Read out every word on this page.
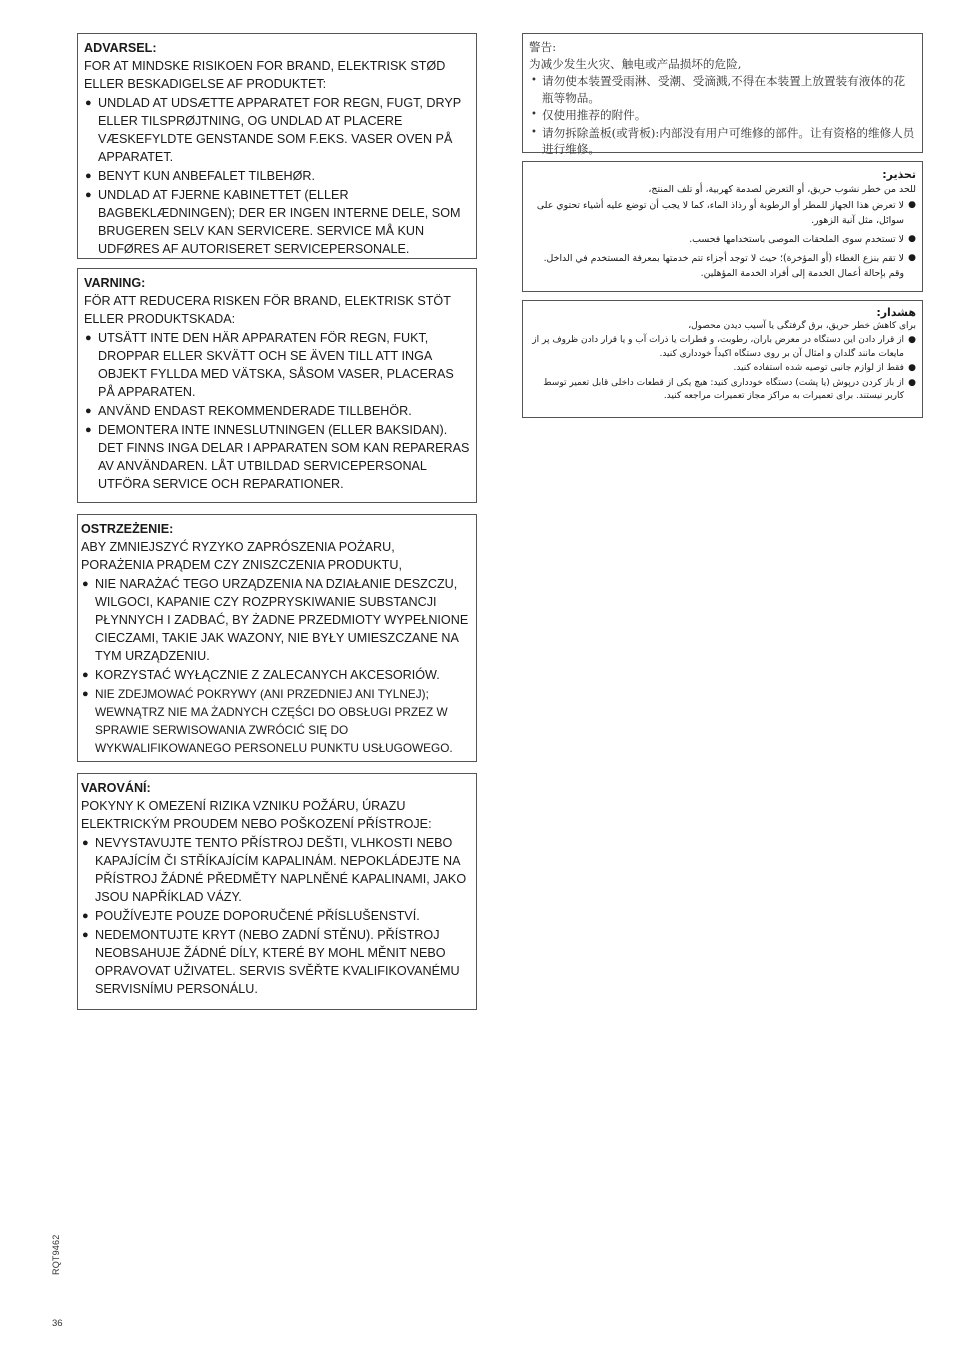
ADVARSEL:
FOR AT MINDSKE RISIKOEN FOR BRAND, ELEKTRISK STØD ELLER BESKADIGELSE AF PRODUKTET:
● UNDLAD AT UDSÆTTE APPARATET FOR REGN, FUGT, DRYP ELLER TILSPRØJTNING, OG UNDLAD AT PLACERE VÆSKEFYLDTE GENSTANDE SOM F.EKS. VASER OVEN PÅ APPARATET.
● BENYT KUN ANBEFALET TILBEHØR.
● UNDLAD AT FJERNE KABINETTET (ELLER BAGBEKLÆDNINGEN); DER ER INGEN INTERNE DELE, SOM BRUGEREN SELV KAN SERVICERE. SERVICE MÅ KUN UDFØRES AF AUTORISERET SERVICEPERSONALE.
VARNING:
FÖR ATT REDUCERA RISKEN FÖR BRAND, ELEKTRISK STÖT ELLER PRODUKTSKADA:
● UTSÄTT INTE DEN HÄR APPARATEN FÖR REGN, FUKT, DROPPAR ELLER SKVÄTT OCH SE ÄVEN TILL ATT INGA OBJEKT FYLLDA MED VÄTSKA, SÅSOM VASER, PLACERAS PÅ APPARATEN.
● ANVÄND ENDAST REKOMMENDERADE TILLBEHÖR.
● DEMONTERA INTE INNESLUTNINGEN (ELLER BAKSIDAN). DET FINNS INGA DELAR I APPARATEN SOM KAN REPARERAS AV ANVÄNDAREN. LÅT UTBILDAD SERVICEPERSONAL UTFÖRA SERVICE OCH REPARATIONER.
OSTRZEŻENIE:
ABY ZMNIEJSZYĆ RYZYKO ZAPRÓSZENIA POŻARU, PORAŻENIA PRĄDEM CZY ZNISZCZENIA PRODUKTU,
● NIE NARAŻAĆ TEGO URZĄDZENIA NA DZIAŁANIE DESZCZU, WILGOCI, KAPANIE CZY ROZPRYSKIWANIE SUBSTANCJI PŁYNNYCH I ZADBAĆ, BY ŻADNE PRZEDMIOTY WYPEŁNIONE CIECZAMI, TAKIE JAK WAZONY, NIE BYŁY UMIESZCZANE NA TYM URZĄDZENIU.
● KORZYSTAĆ WYŁĄCZNIE Z ZALECANYCH AKCESORIÓW.
● NIE ZDEJMOWAĆ POKRYWY (ANI PRZEDNIEJ ANI TYLNEJ); WEWNĄTRZ NIE MA ŻADNYCH CZĘŚCI DO OBSŁUGI PRZEZ W SPRAWIE SERWISOWANIA ZWRÓCIĆ SIĘ DO WYKWALIFIKOWANEGO PERSONELU PUNKTU USŁUGOWEGO.
VAROVÁNÍ:
POKYNY K OMEZENÍ RIZIKA VZNIKU POŽÁRU, ÚRAZU ELEKTRICKÝM PROUDEM NEBO POŠKOZENÍ PŘÍSTROJE:
● NEVYSTAVUJTE TENTO PŘÍSTROJ DEŠTI, VLHKOSTI NEBO KAPAJÍCÍM ČI STŘÍKAJÍCÍM KAPALINÁM. NEPOKLÁDEJTE NA PŘÍSTROJ ŽÁDNÉ PŘEDMĚTY NAPLNĚNÉ KAPALINAMI, JAKO JSOU NAPŘÍKLAD VÁZY.
● POUŽÍVEJTE POUZE DOPORUČENÉ PŘÍSLUŠENSTVÍ.
● NEDEMONTUJTE KRYT (NEBO ZADNÍ STĚNU). PŘÍSTROJ NEOBSAHUJE ŽÁDNÉ DÍLY, KTERÉ BY MOHL MĚNIT NEBO OPRAVOVAT UŽIVATEL. SERVIS SVĚŘTE KVALIFIKOVANÉMU SERVISNÍMU PERSONÁLU.
警告:
为减少发生火灾、触电或产品损坏的危险,
• 请勿使本装置受雨淋、受潮、受滴溅,不得在本装置上放置装有液体的花瓶等物品。
• 仅使用推荐的附件。
• 请勿拆除盖板(或背板):内部没有用户可维修的部件。让有资格的维修人员进行维修。
تحذير:
للحد من خطر نشوب حريق، أو التعرض لصدمة كهربية، أو تلف المنتج،
●
لا تعرض هذا الجهاز للمطر أو الرطوبة أو رذاذ الماء، كما لا يجب أن توضع عليه أشياء تحتوي على سوائل، مثل آنية الزهور.
●
لا تستخدم سوى الملحقات الموصى باستخدامها فحسب.
●
لا تقم بنزع الغطاء (أو المؤخرة)؛ حيث لا توجد أجزاء تتم خدمتها بمعرفة المستخدم في الداخل. وقم بإحالة أعمال الخدمة إلى أفراد الخدمة المؤهلين.
هشدار:
برای کاهش خطر حریق، برق گرفتگی یا آسیب دیدن محصول،
●
از قرار دادن این دستگاه در معرض باران، رطوبت، و قطرات یا ذرات آب و یا قرار دادن ظروف پر از مایعات مانند گلدان و امثال آن بر روی دستگاه اکیداً خودداری کنید.
●
فقط از لوازم جانبی توصیه شده استفاده کنید.
●
از باز کردن درپوش (یا پشت) دستگاه خودداری کنید: هیچ یکی از قطعات داخلی قابل تعمیر توسط کاربر نیستند. برای تعمیرات به مراکز مجاز تعمیرات مراجعه کنید.
RQT9462
36
